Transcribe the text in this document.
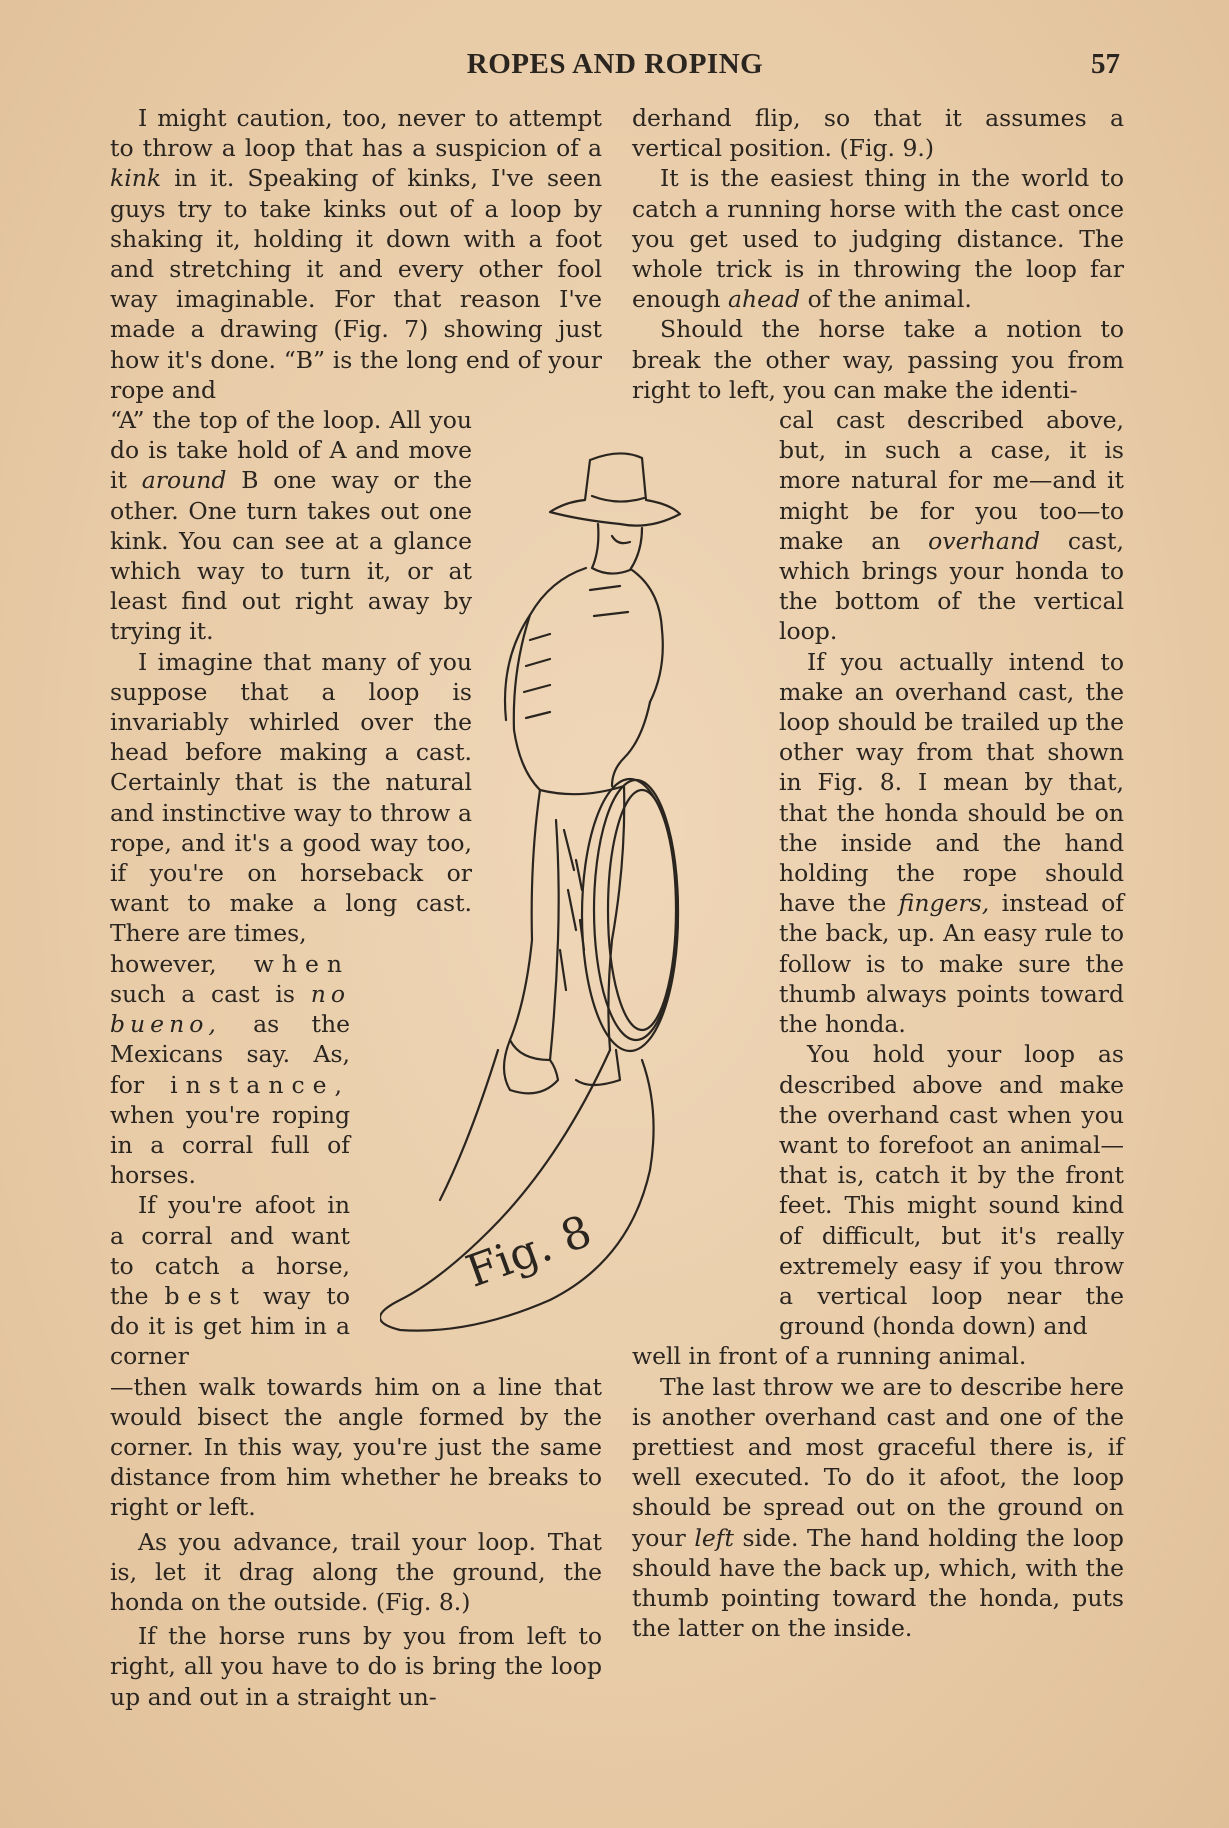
ROPES AND ROPING	57

I might caution, too, never to attempt to throw a loop that has a suspicion of a kink in it. Speaking of kinks, I've seen guys try to take kinks out of a loop by shaking it, holding it down with a foot and stretching it and every other fool way imaginable. For that reason I've made a drawing (Fig. 7) showing just how it's done. “B” is the long end of your rope and

“A” the top of the loop. All you do is take hold of A and move it around B one way or the other. One turn takes out one kink. You can see at a glance which way to turn it, or at least find out right away by trying it.

I imagine that many of you suppose that a loop is invariably whirled over the head before making a cast. Certainly that is the natural and instinctive way to throw a rope, and it's a good way too, if you're on horseback or want to make a long cast. There are times,

however, when such a cast is no bueno, as the Mexicans say. As, for instance, when you're roping in a corral full of horses.

If you're afoot in a corral and want to catch a horse, the best way to do it is get him in a corner

—then walk towards him on a line that would bisect the angle formed by the corner. In this way, you're just the same distance from him whether he breaks to right or left.

As you advance, trail your loop. That is, let it drag along the ground, the honda on the outside. (Fig. 8.)

If the horse runs by you from left to right, all you have to do is bring the loop up and out in a straight un-

derhand flip, so that it assumes a vertical position. (Fig. 9.)

It is the easiest thing in the world to catch a running horse with the cast once you get used to judging distance. The whole trick is in throwing the loop far enough ahead of the animal.

Should the horse take a notion to break the other way, passing you from right to left, you can make the identi-

cal cast described above, but, in such a case, it is more natural for me—and it might be for you too—to make an overhand cast, which brings your honda to the bottom of the vertical loop.

If you actually intend to make an overhand cast, the loop should be trailed up the other way from that shown in Fig. 8. I mean by that, that the honda should be on the inside and the hand holding the rope should have the fingers, instead of the back, up. An easy rule to follow is to make sure the thumb always points toward the honda.

You hold your loop as described above and make the overhand cast when you want to forefoot an animal—that is, catch it by the front feet. This might sound kind of difficult, but it's really extremely easy if you throw a vertical loop near the ground (honda down) and

well in front of a running animal.

The last throw we are to describe here is another overhand cast and one of the prettiest and most graceful there is, if well executed. To do it afoot, the loop should be spread out on the ground on your left side. The hand holding the loop should have the back up, which, with the thumb pointing toward the honda, puts the latter on the inside.

Fig. 8
